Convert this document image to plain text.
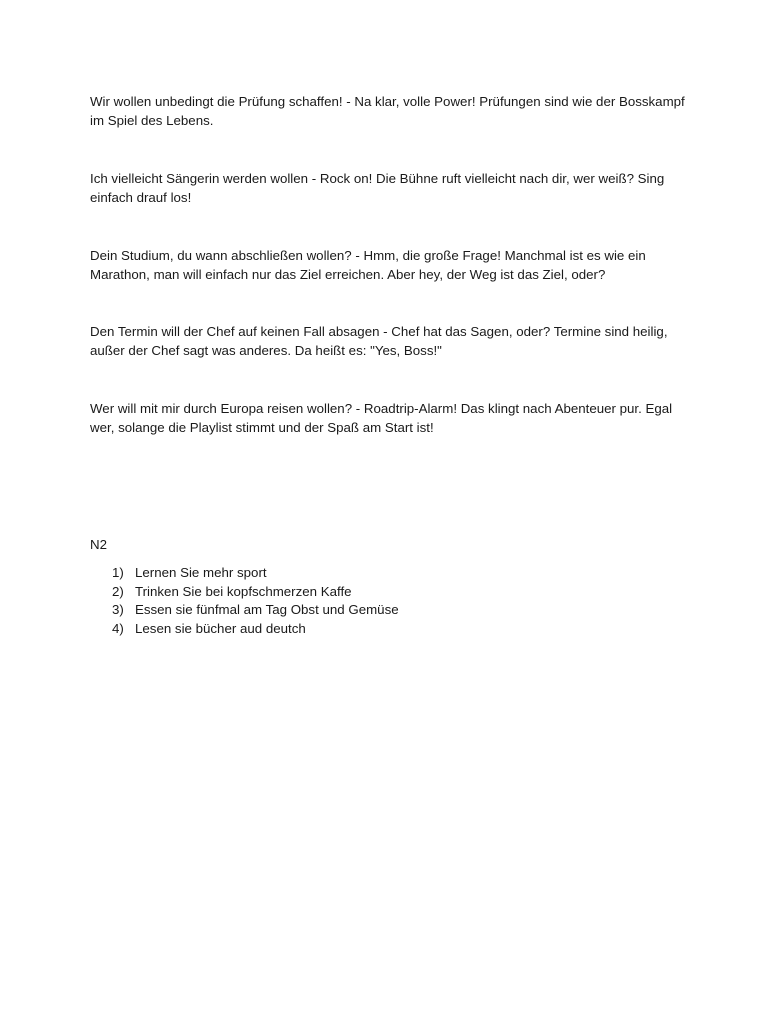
Wir wollen unbedingt die Prüfung schaffen! - Na klar, volle Power! Prüfungen sind wie der Bosskampf im Spiel des Lebens.

Ich vielleicht Sängerin werden wollen - Rock on! Die Bühne ruft vielleicht nach dir, wer weiß? Sing einfach drauf los!

Dein Studium, du wann abschließen wollen? - Hmm, die große Frage! Manchmal ist es wie ein Marathon, man will einfach nur das Ziel erreichen. Aber hey, der Weg ist das Ziel, oder?

Den Termin will der Chef auf keinen Fall absagen - Chef hat das Sagen, oder? Termine sind heilig, außer der Chef sagt was anderes. Da heißt es: "Yes, Boss!"

Wer will mit mir durch Europa reisen wollen? - Roadtrip-Alarm! Das klingt nach Abenteuer pur. Egal wer, solange die Playlist stimmt und der Spaß am Start ist!

N2

1) Lernen Sie mehr sport
2) Trinken Sie bei kopfschmerzen Kaffe
3) Essen sie fünfmal am Tag Obst und Gemüse
4) Lesen sie bücher aud deutch
